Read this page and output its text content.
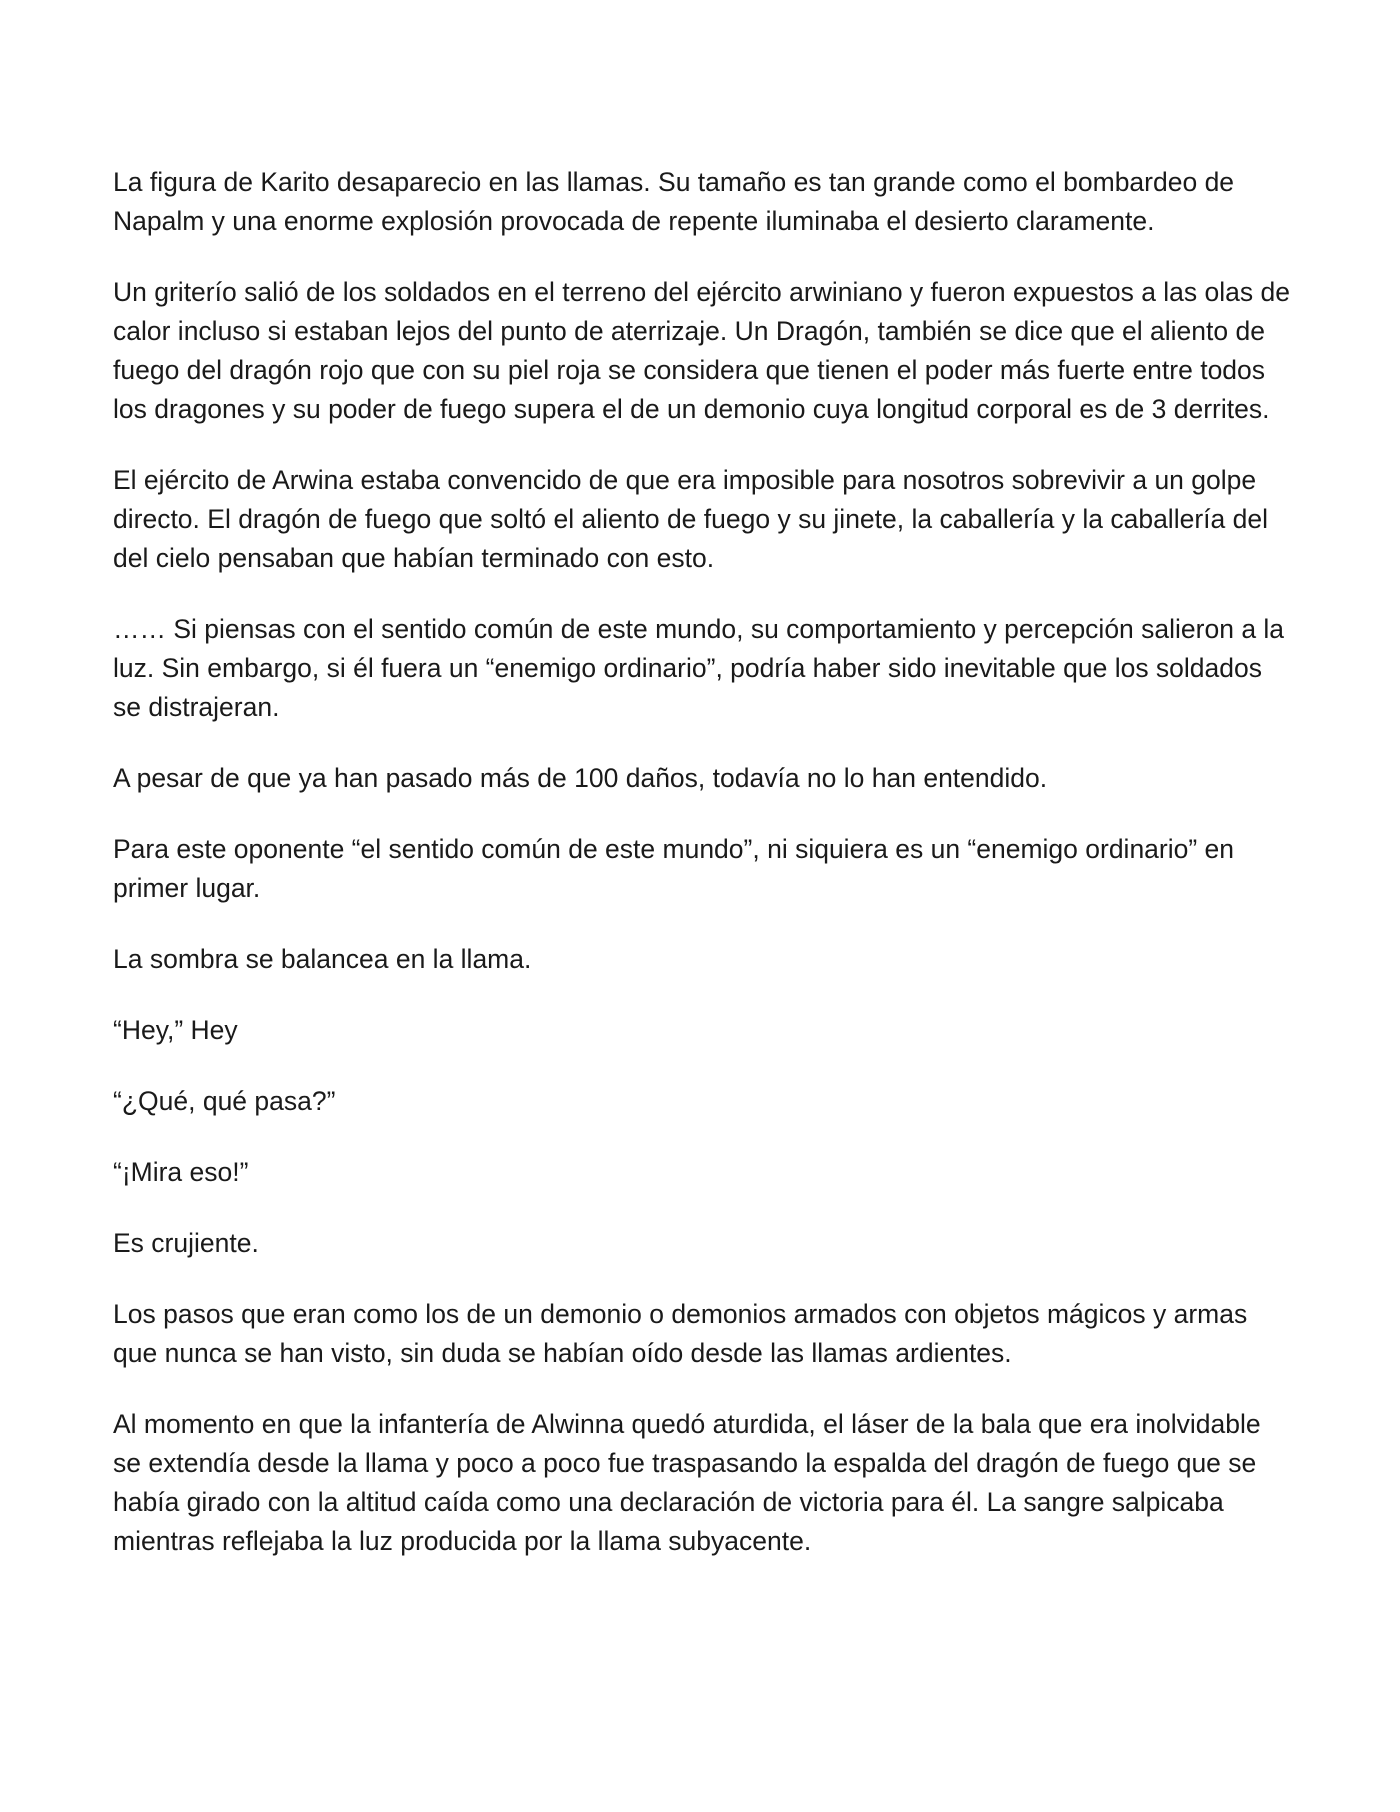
La figura de Karito desaparecio en las llamas. Su tamaño es tan grande como el bombardeo de Napalm y una enorme explosión provocada de repente iluminaba el desierto claramente.

Un griterío salió de los soldados en el terreno del ejército arwiniano y fueron expuestos a las olas de calor incluso si estaban lejos del punto de aterrizaje. Un Dragón, también se dice que el aliento de fuego del dragón rojo que con su piel roja se considera que tienen el poder más fuerte entre todos los dragones y su poder de fuego supera el de un demonio cuya longitud corporal es de 3 derrites.

El ejército de Arwina estaba convencido de que era imposible para nosotros sobrevivir a un golpe directo. El dragón de fuego que soltó el aliento de fuego y su jinete, la caballería y la caballería del del cielo pensaban que habían terminado con esto.

…… Si piensas con el sentido común de este mundo, su comportamiento y percepción salieron a la luz. Sin embargo, si él fuera un “enemigo ordinario”, podría haber sido inevitable que los soldados se distrajeran.

A pesar de que ya han pasado más de 100 daños, todavía no lo han entendido.

Para este oponente “el sentido común de este mundo”, ni siquiera es un “enemigo ordinario” en primer lugar.

La sombra se balancea en la llama.

“Hey,” Hey

“¿Qué, qué pasa?”

“¡Mira eso!”

Es crujiente.

Los pasos que eran como los de un demonio o demonios armados con objetos mágicos y armas que nunca se han visto, sin duda se habían oído desde las llamas ardientes.

Al momento en que la infantería de Alwinna quedó aturdida, el láser de la bala que era inolvidable se extendía desde la llama y poco a poco fue traspasando la espalda del dragón de fuego que se había girado con la altitud caída como una declaración de victoria para él. La sangre salpicaba mientras reflejaba la luz producida por la llama subyacente.
